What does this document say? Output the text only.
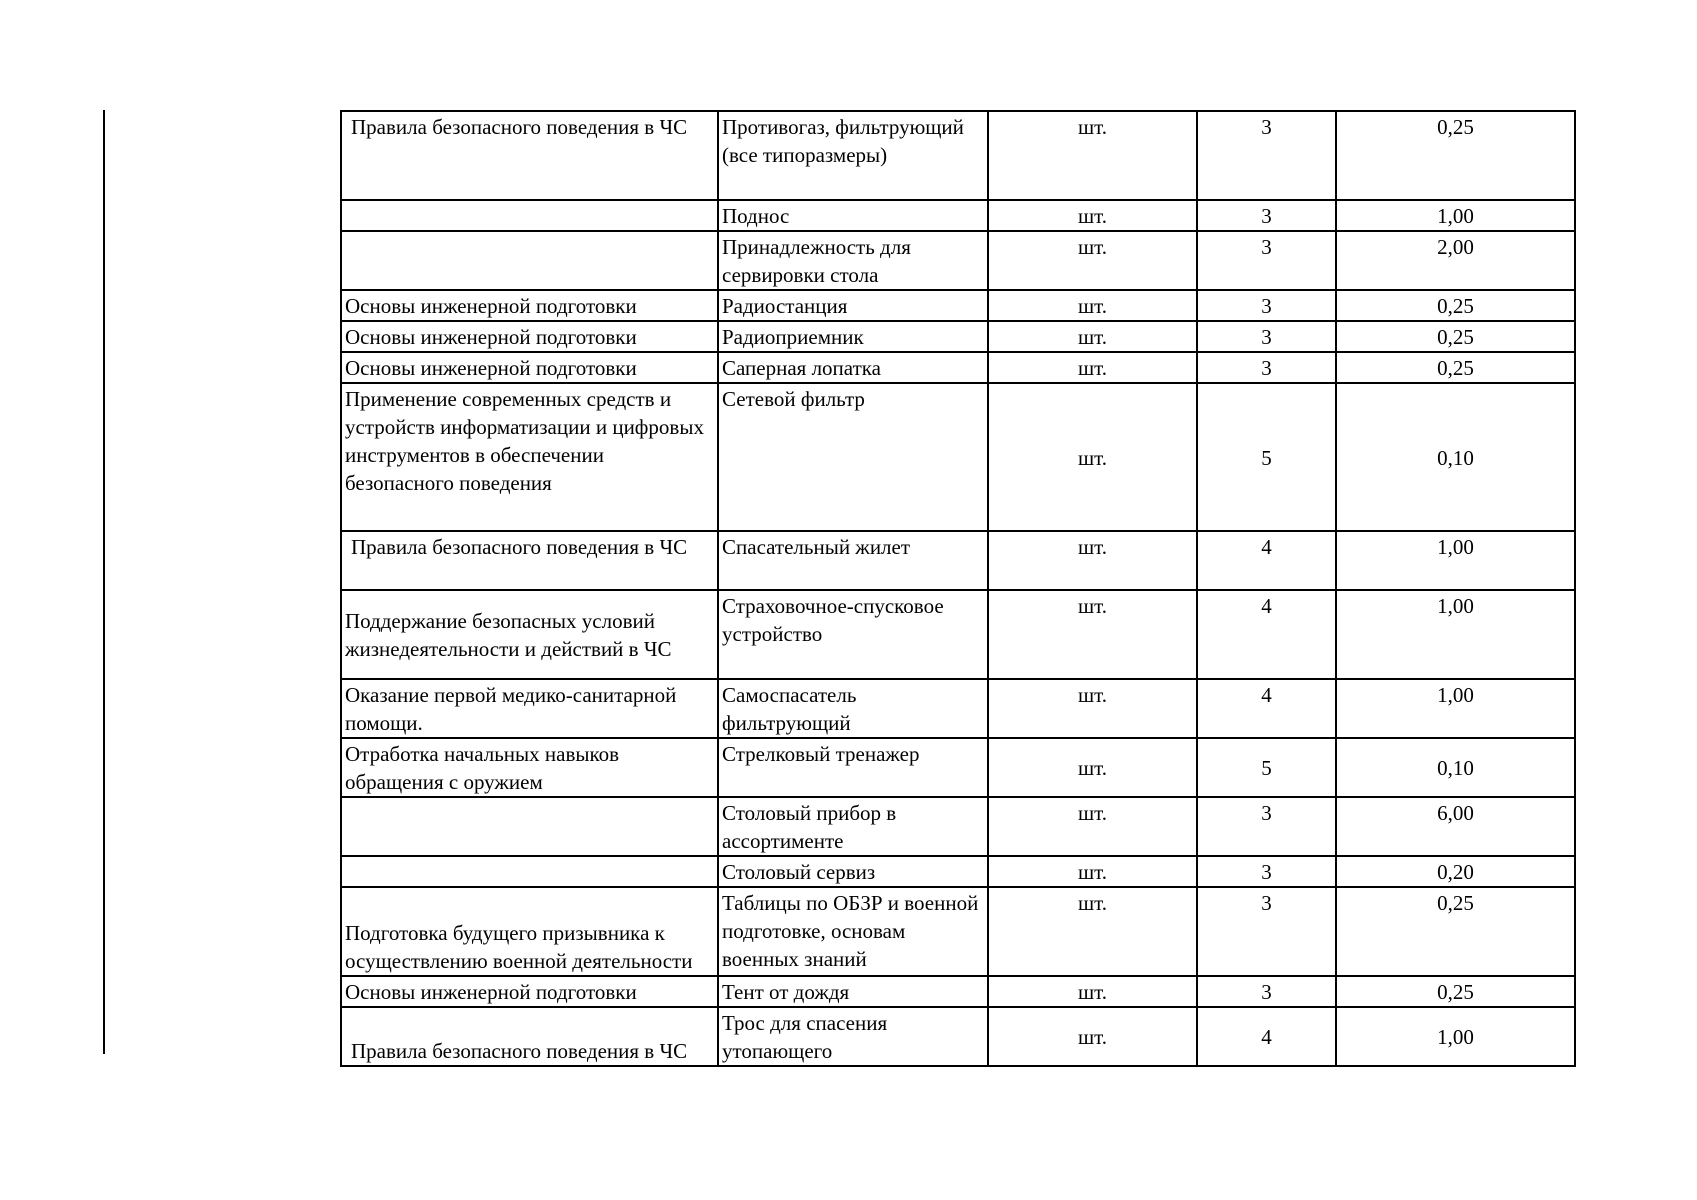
Правила безопасного поведения в ЧС	Противогаз, фильтрующий (все типоразмеры)	шт.	3	0,25
	Поднос	шт.	3	1,00
	Принадлежность для сервировки стола	шт.	3	2,00
Основы инженерной подготовки	Радиостанция	шт.	3	0,25
Основы инженерной подготовки	Радиоприемник	шт.	3	0,25
Основы инженерной подготовки	Саперная лопатка	шт.	3	0,25
Применение современных средств и устройств информатизации и цифровых инструментов в обеспечении безопасного поведения	Сетевой фильтр	шт.	5	0,10
Правила безопасного поведения в ЧС	Спасательный жилет	шт.	4	1,00
Поддержание безопасных условий жизнедеятельности и действий в ЧС	Страховочное-спусковое устройство	шт.	4	1,00
Оказание первой медико-санитарной помощи.	Самоспасатель фильтрующий	шт.	4	1,00
Отработка начальных навыков обращения с оружием	Стрелковый тренажер	шт.	5	0,10
	Столовый прибор в ассортименте	шт.	3	6,00
	Столовый сервиз	шт.	3	0,20
Подготовка будущего призывника к осуществлению военной деятельности	Таблицы по ОБЗР и военной подготовке, основам военных знаний	шт.	3	0,25
Основы инженерной подготовки	Тент от дождя	шт.	3	0,25
Правила безопасного поведения в ЧС	Трос для спасения утопающего	шт.	4	1,00
